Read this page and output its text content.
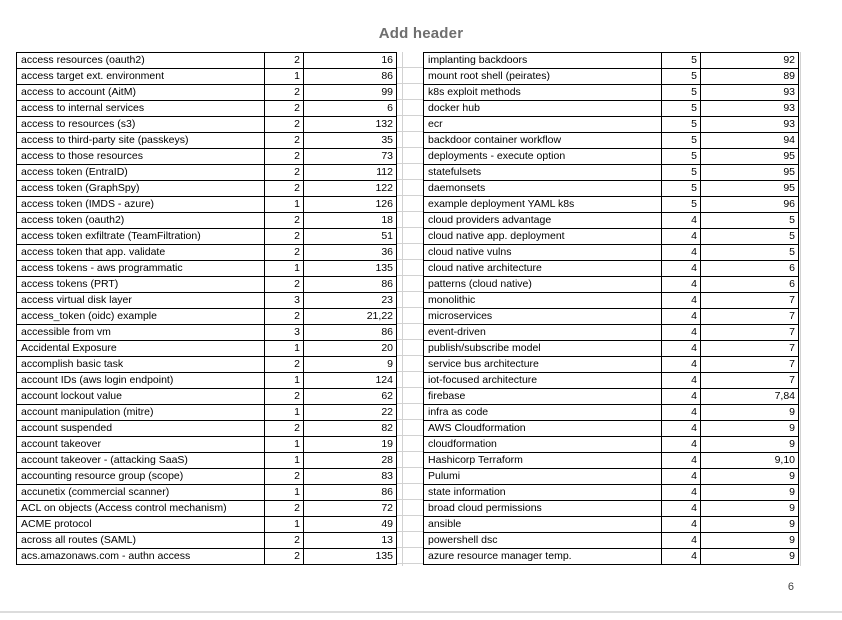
Add header
access resources (oauth2)	2	16
access target ext. environment	1	86
access to account (AitM)	2	99
access to internal services	2	6
access to resources (s3)	2	132
access to third-party site (passkeys)	2	35
access to those resources	2	73
access token (EntraID)	2	112
access token (GraphSpy)	2	122
access token (IMDS - azure)	1	126
access token (oauth2)	2	18
access token exfiltrate (TeamFiltration)	2	51
access token that app. validate	2	36
access tokens - aws programmatic	1	135
access tokens (PRT)	2	86
access virtual disk layer	3	23
access_token (oidc) example	2	21,22
accessible from vm	3	86
Accidental Exposure	1	20
accomplish basic task	2	9
account IDs (aws login endpoint)	1	124
account lockout value	2	62
account manipulation (mitre)	1	22
account suspended	2	82
account takeover	1	19
account takeover - (attacking SaaS)	1	28
accounting resource group (scope)	2	83
accunetix (commercial scanner)	1	86
ACL on objects (Access control mechanism)	2	72
ACME protocol	1	49
across all routes (SAML)	2	13
acs.amazonaws.com - authn access	2	135
implanting backdoors	5	92
mount root shell (peirates)	5	89
k8s exploit methods	5	93
docker hub	5	93
ecr	5	93
backdoor container workflow	5	94
deployments - execute option	5	95
statefulsets	5	95
daemonsets	5	95
example deployment YAML k8s	5	96
cloud providers advantage	4	5
cloud native app. deployment	4	5
cloud native vulns	4	5
cloud native architecture	4	6
patterns (cloud native)	4	6
monolithic	4	7
microservices	4	7
event-driven	4	7
publish/subscribe model	4	7
service bus architecture	4	7
iot-focused architecture	4	7
firebase	4	7,84
infra as code	4	9
AWS Cloudformation	4	9
cloudformation	4	9
Hashicorp Terraform	4	9,10
Pulumi	4	9
state information	4	9
broad cloud permissions	4	9
ansible	4	9
powershell dsc	4	9
azure resource manager temp.	4	9
6
